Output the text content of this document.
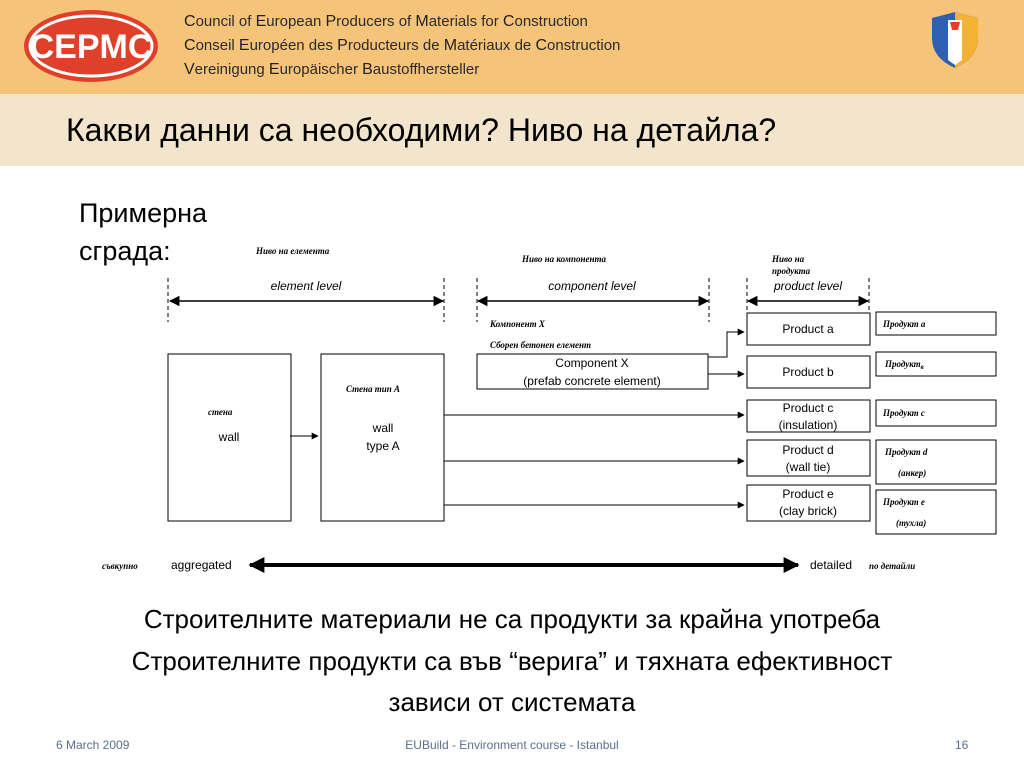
CEPMC
Council of European Producers of Materials for Construction
Conseil Européen des Producteurs de Matériaux de Construction
Vereinigung Europäischer Baustoffhersteller
Какви данни са необходими? Ниво на детайла?
Примерна сграда:	Ниво на елемента
Ниво на компонента	Ниво на продукта
element level	component level	product level
стена
wall
Стена тип А
wall
type A
Компонент X
Сборен бетонен елемент
Component X
(prefab concrete element)
Product a
Product b
Product c
(insulation)
Product d
(wall tie)
Product e
(clay brick)
Продукт а
Продукт$_в$
Продукт с
Продукт d
(анкер)
Продукт е
(тухла)
съвкупно	по детайли
aggregated	detailed
Строителните материали не са продукти за крайна употреба
Строителните продукти са във “верига” и тяхната ефективност
зависи от системата
6 March 2009	EUBuild - Environment course - Istanbul	16
